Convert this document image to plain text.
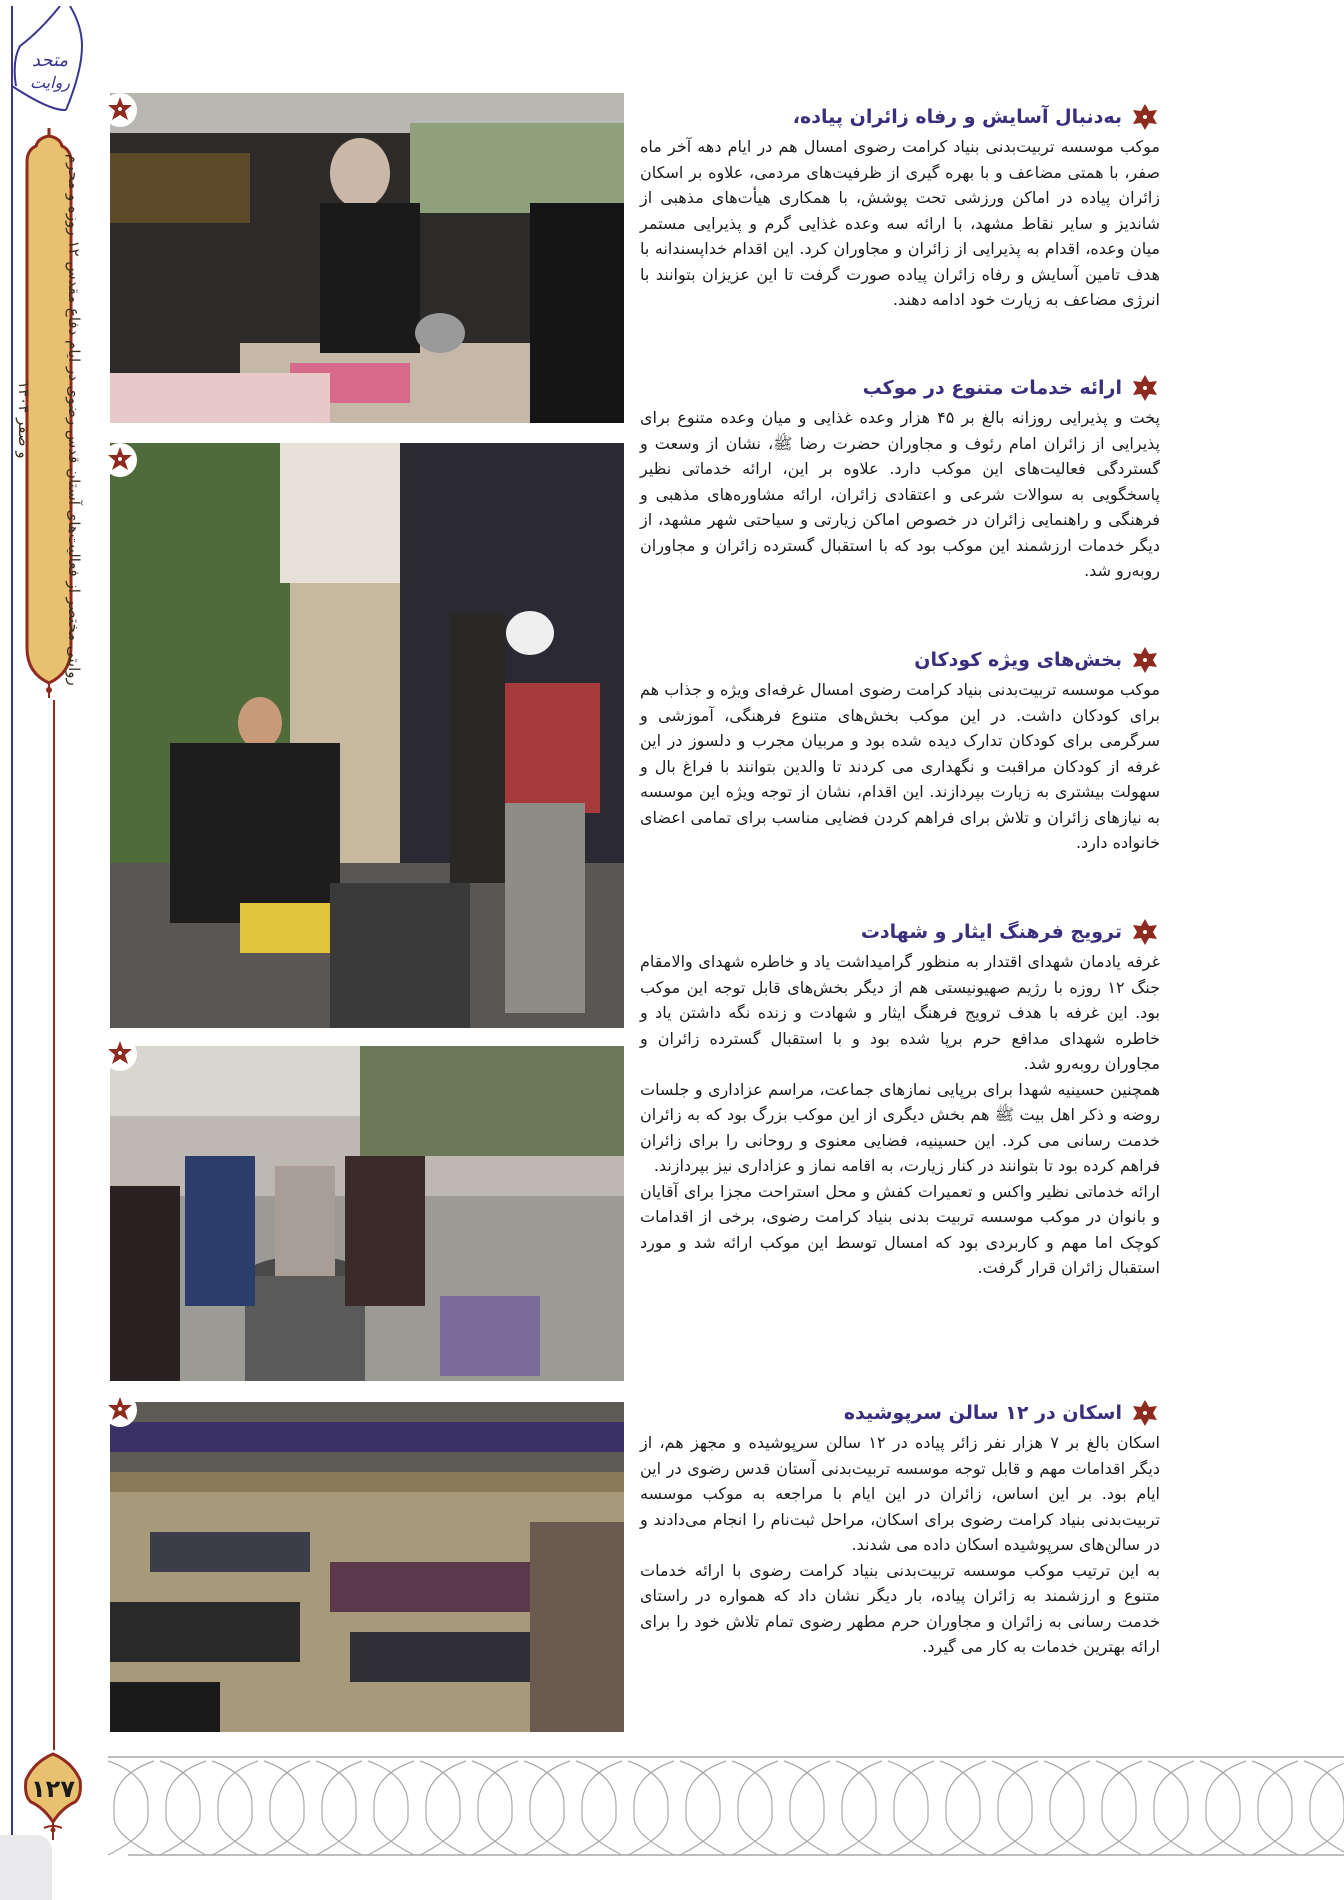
متحد
روایت
روایتی مختصر از فعالیت‌های آستان قدس رضوی در ایام دفاع مقدس ۱۲ روزه و محرم و صفر ۱۴۰۴
۱۲۷
به‌دنبال آسایش و رفاه زائران پیاده،

موکب موسسه تربیت‌بدنی بنیاد کرامت رضوی امسال هم در ایام دهه آخر ماه صفر، با همتی مضاعف و با بهره گیری از ظرفیت‌های مردمی، علاوه بر اسکان زائران پیاده در اماکن ورزشی تحت پوشش، با همکاری هیأت‌های مذهبی از شاندیز و سایر نقاط مشهد، با ارائه سه وعده غذایی گرم و پذیرایی مستمر میان وعده، اقدام به پذیرایی از زائران و مجاوران کرد. این اقدام خداپسندانه با هدف تامین آسایش و رفاه زائران پیاده صورت گرفت تا این عزیزان بتوانند با انرژی مضاعف به زیارت خود ادامه دهند.

ارائه خدمات متنوع در موکب

پخت و پذیرایی روزانه بالغ بر ۴۵ هزار وعده غذایی و میان وعده متنوع برای پذیرایی از زائران امام رئوف و مجاوران حضرت رضا ﷺ، نشان از وسعت و گستردگی فعالیت‌های این موکب دارد. علاوه بر این، ارائه خدماتی نظیر پاسخگویی به سوالات شرعی و اعتقادی زائران، ارائه مشاوره‌های مذهبی و فرهنگی و راهنمایی زائران در خصوص اماکن زیارتی و سیاحتی شهر مشهد، از دیگر خدمات ارزشمند این موکب بود که با استقبال گسترده زائران و مجاوران روبه‌رو شد.

بخش‌های ویژه کودکان

موکب موسسه تربیت‌بدنی بنیاد کرامت رضوی امسال غرفه‌ای ویژه و جذاب هم برای کودکان داشت. در این موکب بخش‌های متنوع فرهنگی، آموزشی و سرگرمی برای کودکان تدارک دیده شده بود و مربیان مجرب و دلسوز در این غرفه از کودکان مراقبت و نگهداری می کردند تا والدین بتوانند با فراغ بال و سهولت بیشتری به زیارت بپردازند. این اقدام، نشان از توجه ویژه این موسسه به نیازهای زائران و تلاش برای فراهم کردن فضایی مناسب برای تمامی اعضای خانواده دارد.

ترویج فرهنگ ایثار و شهادت

غرفه یادمان شهدای اقتدار به منظور گرامیداشت یاد و خاطره شهدای والامقام جنگ ۱۲ روزه با رژیم صهیونیستی هم از دیگر بخش‌های قابل توجه این موکب بود. این غرفه با هدف ترویج فرهنگ ایثار و شهادت و زنده نگه داشتن یاد و خاطره شهدای مدافع حرم برپا شده بود و با استقبال گسترده زائران و مجاوران روبه‌رو شد.

همچنین حسینیه شهدا برای برپایی نمازهای جماعت، مراسم عزاداری و جلسات روضه و ذکر اهل بیت ﷺ هم بخش دیگری از این موکب بزرگ بود که به زائران خدمت رسانی می کرد. این حسینیه، فضایی معنوی و روحانی را برای زائران فراهم کرده بود تا بتوانند در کنار زیارت، به اقامه نماز و عزاداری نیز بپردازند.

ارائه خدماتی نظیر واکس و تعمیرات کفش و محل استراحت مجزا برای آقایان و بانوان در موکب موسسه تربیت بدنی بنیاد کرامت رضوی، برخی از اقدامات کوچک اما مهم و کاربردی بود که امسال توسط این موکب ارائه شد و مورد استقبال زائران قرار گرفت.

اسکان در ۱۲ سالن سرپوشیده

اسکان بالغ بر ۷ هزار نفر زائر پیاده در ۱۲ سالن سرپوشیده و مجهز هم، از دیگر اقدامات مهم و قابل توجه موسسه تربیت‌بدنی آستان قدس رضوی در این ایام بود. بر این اساس، زائران در این ایام با مراجعه به موکب موسسه تربیت‌بدنی بنیاد کرامت رضوی برای اسکان، مراحل ثبت‌نام را انجام می‌دادند و در سالن‌های سرپوشیده اسکان داده می شدند.

به این ترتیب موکب موسسه تربیت‌بدنی بنیاد کرامت رضوی با ارائه خدمات متنوع و ارزشمند به زائران پیاده، بار دیگر نشان داد که همواره در راستای خدمت رسانی به زائران و مجاوران حرم مطهر رضوی تمام تلاش خود را برای ارائه بهترین خدمات به کار می گیرد.
